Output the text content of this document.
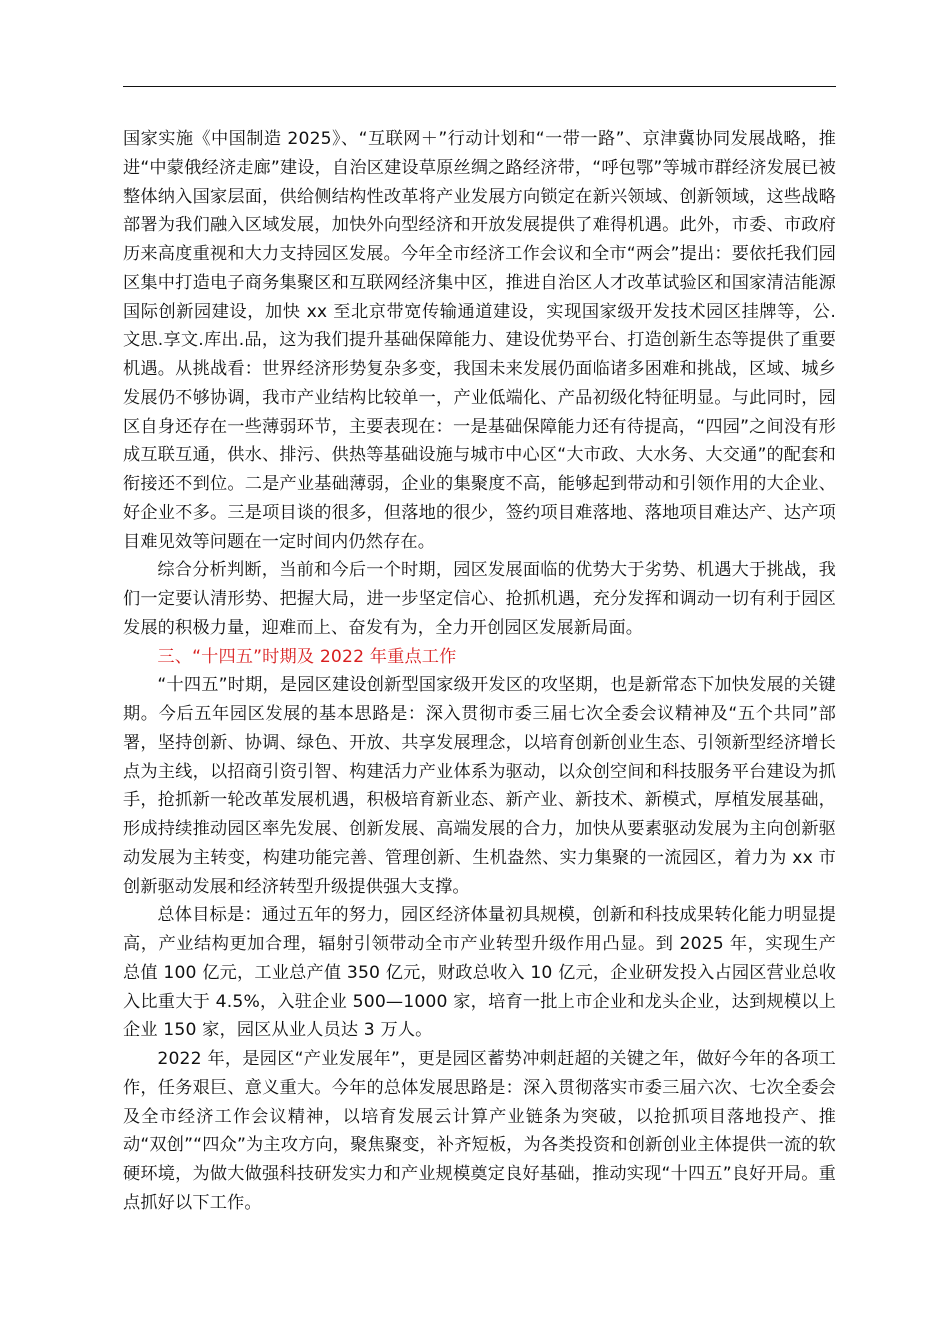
国家实施《中国制造 2025》、“互联网＋”行动计划和“一带一路”、京津冀协同发展战略，推进“中蒙俄经济走廊”建设，自治区建设草原丝绸之路经济带，“呼包鄂”等城市群经济发展已被整体纳入国家层面，供给侧结构性改革将产业发展方向锁定在新兴领域、创新领域，这些战略部署为我们融入区域发展，加快外向型经济和开放发展提供了难得机遇。此外，市委、市政府历来高度重视和大力支持园区发展。今年全市经济工作会议和全市“两会”提出：要依托我们园区集中打造电子商务集聚区和互联网经济集中区，推进自治区人才改革试验区和国家清洁能源国际创新园建设，加快 xx 至北京带宽传输通道建设，实现国家级开发技术园区挂牌等，公.文思.享文.库出.品，这为我们提升基础保障能力、建设优势平台、打造创新生态等提供了重要机遇。从挑战看：世界经济形势复杂多变，我国未来发展仍面临诸多困难和挑战，区域、城乡发展仍不够协调，我市产业结构比较单一，产业低端化、产品初级化特征明显。与此同时，园区自身还存在一些薄弱环节，主要表现在：一是基础保障能力还有待提高，“四园”之间没有形成互联互通，供水、排污、供热等基础设施与城市中心区“大市政、大水务、大交通”的配套和衔接还不到位。二是产业基础薄弱，企业的集聚度不高，能够起到带动和引领作用的大企业、好企业不多。三是项目谈的很多，但落地的很少，签约项目难落地、落地项目难达产、达产项目难见效等问题在一定时间内仍然存在。

综合分析判断，当前和今后一个时期，园区发展面临的优势大于劣势、机遇大于挑战，我们一定要认清形势、把握大局，进一步坚定信心、抢抓机遇，充分发挥和调动一切有利于园区发展的积极力量，迎难而上、奋发有为，全力开创园区发展新局面。

三、“十四五”时期及 2022 年重点工作

“十四五”时期，是园区建设创新型国家级开发区的攻坚期，也是新常态下加快发展的关键期。今后五年园区发展的基本思路是：深入贯彻市委三届七次全委会议精神及“五个共同”部署，坚持创新、协调、绿色、开放、共享发展理念，以培育创新创业生态、引领新型经济增长点为主线，以招商引资引智、构建活力产业体系为驱动，以众创空间和科技服务平台建设为抓手，抢抓新一轮改革发展机遇，积极培育新业态、新产业、新技术、新模式，厚植发展基础，形成持续推动园区率先发展、创新发展、高端发展的合力，加快从要素驱动发展为主向创新驱动发展为主转变，构建功能完善、管理创新、生机盎然、实力集聚的一流园区，着力为 xx 市创新驱动发展和经济转型升级提供强大支撑。

总体目标是：通过五年的努力，园区经济体量初具规模，创新和科技成果转化能力明显提高，产业结构更加合理，辐射引领带动全市产业转型升级作用凸显。到 2025 年，实现生产总值 100 亿元，工业总产值 350 亿元，财政总收入 10 亿元，企业研发投入占园区营业总收入比重大于 4.5%，入驻企业 500—1000 家，培育一批上市企业和龙头企业，达到规模以上企业 150 家，园区从业人员达 3 万人。

2022 年，是园区“产业发展年”，更是园区蓄势冲刺赶超的关键之年，做好今年的各项工作，任务艰巨、意义重大。今年的总体发展思路是：深入贯彻落实市委三届六次、七次全委会及全市经济工作会议精神，以培育发展云计算产业链条为突破，以抢抓项目落地投产、推动“双创”“四众”为主攻方向，聚焦聚变，补齐短板，为各类投资和创新创业主体提供一流的软硬环境，为做大做强科技研发实力和产业规模奠定良好基础，推动实现“十四五”良好开局。重点抓好以下工作。
